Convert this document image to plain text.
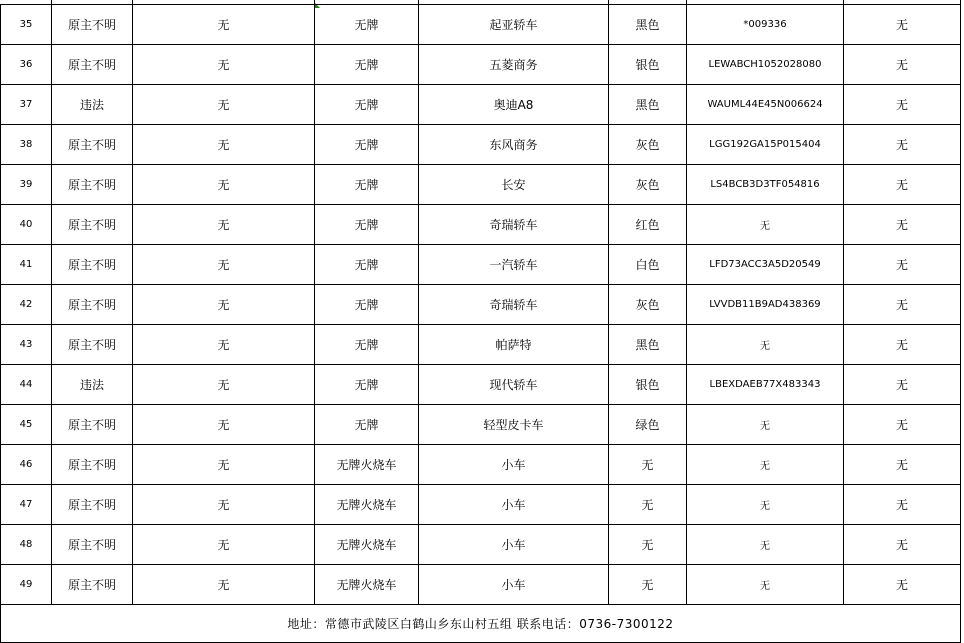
35	原主不明	无	无牌	起亚轿车	黑色	*009336	无
36	原主不明	无	无牌	五菱商务	银色	LEWABCH1052028080	无
37	违法	无	无牌	奥迪A8	黑色	WAUML44E45N006624	无
38	原主不明	无	无牌	东风商务	灰色	LGG192GA15P015404	无
39	原主不明	无	无牌	长安	灰色	LS4BCB3D3TF054816	无
40	原主不明	无	无牌	奇瑞轿车	红色	无	无
41	原主不明	无	无牌	一汽轿车	白色	LFD73ACC3A5D20549	无
42	原主不明	无	无牌	奇瑞轿车	灰色	LVVDB11B9AD438369	无
43	原主不明	无	无牌	帕萨特	黑色	无	无
44	违法	无	无牌	现代轿车	银色	LBEXDAEB77X483343	无
45	原主不明	无	无牌	轻型皮卡车	绿色	无	无
46	原主不明	无	无牌火烧车	小车	无	无	无
47	原主不明	无	无牌火烧车	小车	无	无	无
48	原主不明	无	无牌火烧车	小车	无	无	无
49	原主不明	无	无牌火烧车	小车	无	无	无
地址：常德市武陵区白鹤山乡东山村五组 联系电话：0736-7300122							
